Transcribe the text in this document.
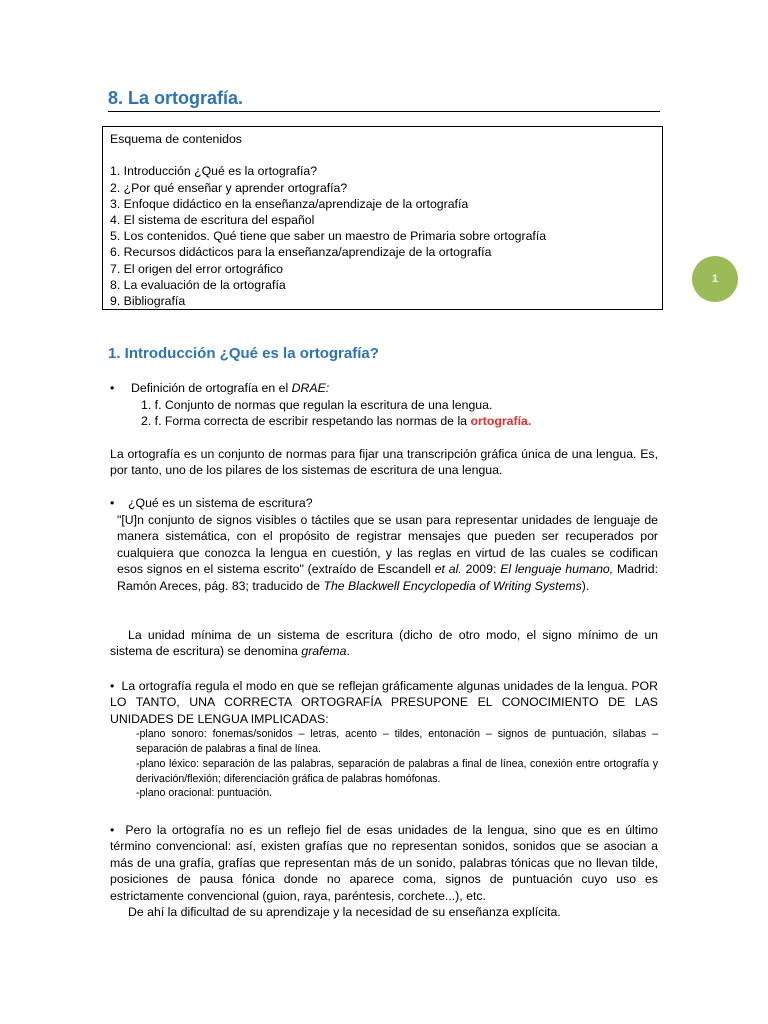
8. La ortografía.
Esquema de contenidos
1. Introducción ¿Qué es la ortografía?
2. ¿Por qué enseñar y aprender ortografía?
3. Enfoque didáctico en la enseñanza/aprendizaje de la ortografía
4. El sistema de escritura del español
5. Los contenidos. Qué tiene que saber un maestro de Primaria sobre ortografía
6. Recursos didácticos para la enseñanza/aprendizaje de la ortografía
7. El origen del error ortográfico
8. La evaluación de la ortografía
9. Bibliografía
1
1. Introducción ¿Qué es la ortografía?
• Definición de ortografía en el DRAE:
1. f. Conjunto de normas que regulan la escritura de una lengua.
2. f. Forma correcta de escribir respetando las normas de la ortografía.
La ortografía es un conjunto de normas para fijar una transcripción gráfica única de una lengua. Es, por tanto, uno de los pilares de los sistemas de escritura de una lengua.
• ¿Qué es un sistema de escritura?
"[U]n conjunto de signos visibles o táctiles que se usan para representar unidades de lenguaje de manera sistemática, con el propósito de registrar mensajes que pueden ser recuperados por cualquiera que conozca la lengua en cuestión, y las reglas en virtud de las cuales se codifican esos signos en el sistema escrito" (extraído de Escandell et al. 2009: El lenguaje humano, Madrid: Ramón Areces, pág. 83; traducido de The Blackwell Encyclopedia of Writing Systems).
La unidad mínima de un sistema de escritura (dicho de otro modo, el signo mínimo de un sistema de escritura) se denomina grafema.
•  La ortografía regula el modo en que se reflejan gráficamente algunas unidades de la lengua. POR LO TANTO, UNA CORRECTA ORTOGRAFÍA PRESUPONE EL CONOCIMIENTO DE LAS UNIDADES DE LENGUA IMPLICADAS:
-plano sonoro: fonemas/sonidos – letras, acento – tildes, entonación – signos de puntuación, sílabas – separación de palabras a final de línea.
-plano léxico: separación de las palabras, separación de palabras a final de línea, conexión entre ortografía y derivación/flexión; diferenciación gráfica de palabras homófonas.
-plano oracional: puntuación.
•  Pero la ortografía no es un reflejo fiel de esas unidades de la lengua, sino que es en último término convencional: así, existen grafías que no representan sonidos, sonidos que se asocian a más de una grafía, grafías que representan más de un sonido, palabras tónicas que no llevan tilde, posiciones de pausa fónica donde no aparece coma, signos de puntuación cuyo uso es estrictamente convencional (guion, raya, paréntesis, corchete...), etc.
De ahí la dificultad de su aprendizaje y la necesidad de su enseñanza explícita.
